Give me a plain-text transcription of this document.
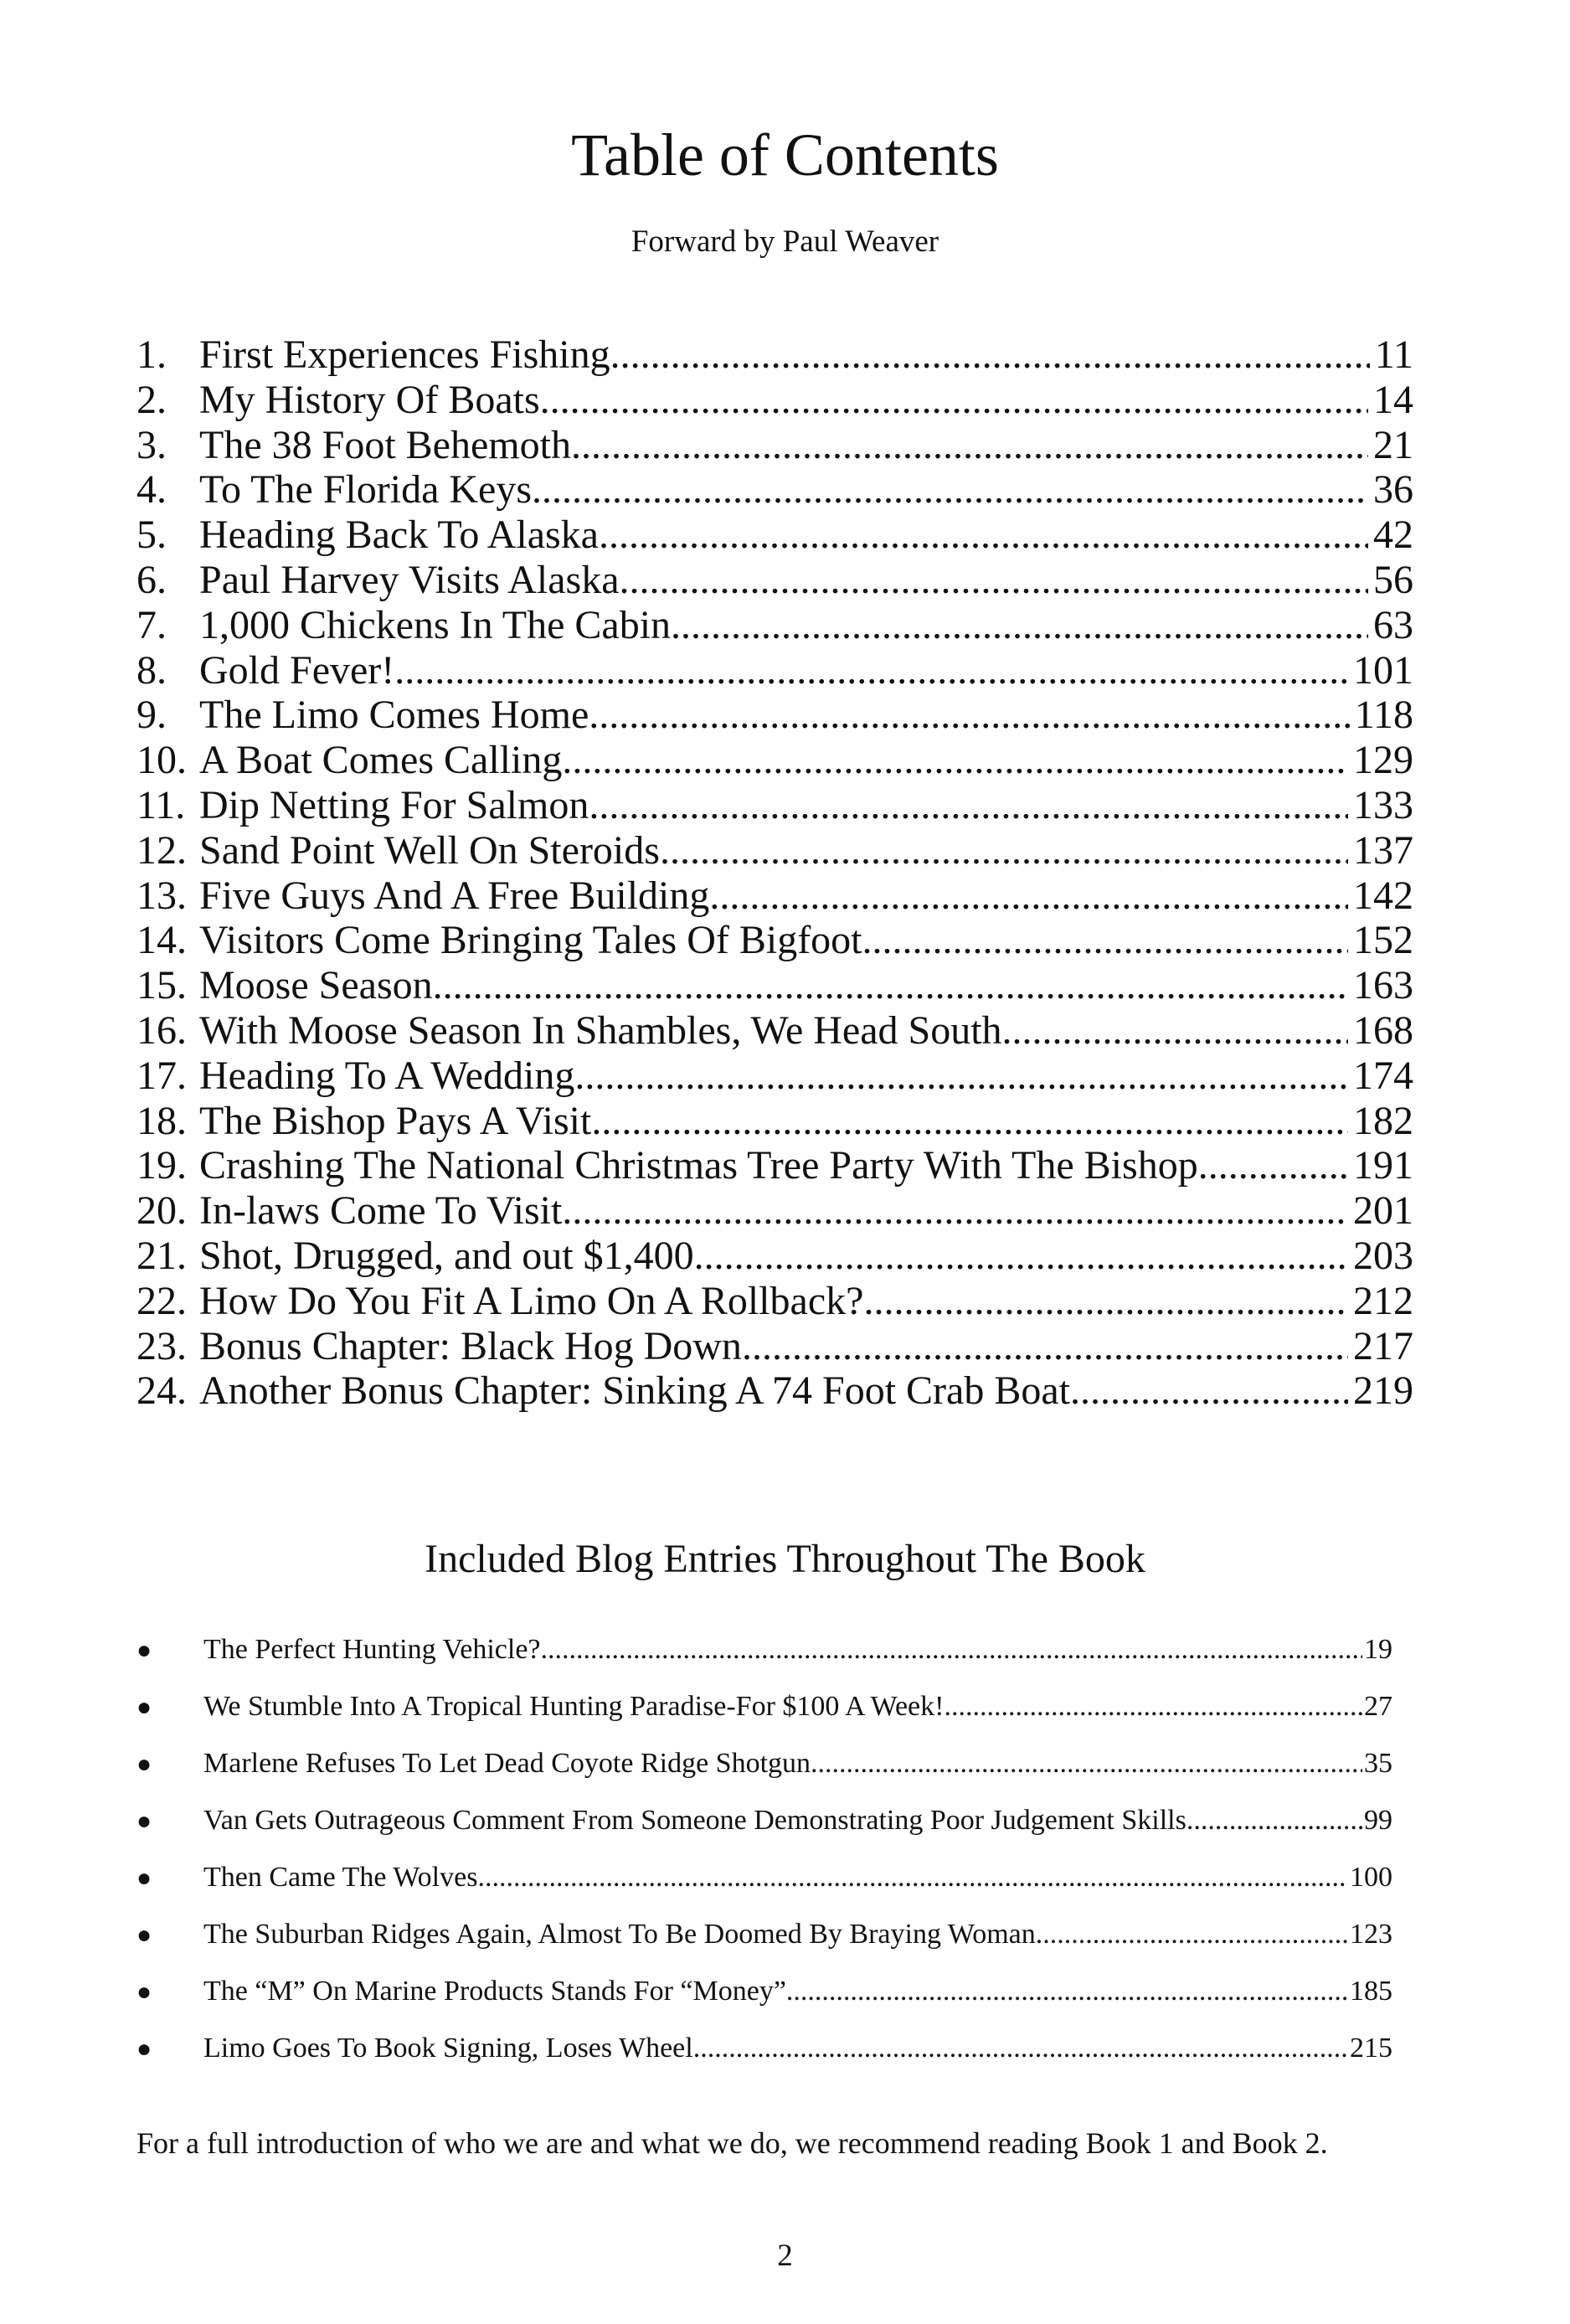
Table of Contents
Forward by Paul Weaver
1. First Experiences Fishing .....	11
2. My History Of Boats .....	14
3. The 38 Foot Behemoth .....	21
4. To The Florida Keys .....	36
5. Heading Back To Alaska .....	42
6. Paul Harvey Visits Alaska .....	56
7. 1,000 Chickens In The Cabin .....	63
8. Gold Fever! .....	101
9. The Limo Comes Home .....	118
10. A Boat Comes Calling .....	129
11. Dip Netting For Salmon .....	133
12. Sand Point Well On Steroids .....	137
13. Five Guys And A Free Building .....	142
14. Visitors Come Bringing Tales Of Bigfoot .....	152
15. Moose Season .....	163
16. With Moose Season In Shambles, We Head South .....	168
17. Heading To A Wedding .....	174
18. The Bishop Pays A Visit .....	182
19. Crashing The National Christmas Tree Party With The Bishop .....	191
20. In-laws Come To Visit .....	201
21. Shot, Drugged, and out $1,400 .....	203
22. How Do You Fit A Limo On A Rollback? .....	212
23. Bonus Chapter: Black Hog Down .....	217
24. Another Bonus Chapter: Sinking A 74 Foot Crab Boat .....	219
Included Blog Entries Throughout The Book
●	The Perfect Hunting Vehicle? .....	19
●	We Stumble Into A Tropical Hunting Paradise-For $100 A Week! .....	27
●	Marlene Refuses To Let Dead Coyote Ridge Shotgun .....	35
●	Van Gets Outrageous Comment From Someone Demonstrating Poor Judgement Skills .....	99
●	Then Came The Wolves .....	100
●	The Suburban Ridges Again, Almost To Be Doomed By Braying Woman .....	123
●	The “M” On Marine Products Stands For “Money” .....	185
●	Limo Goes To Book Signing, Loses Wheel .....	215
For a full introduction of who we are and what we do, we recommend reading Book 1 and Book 2.
2
